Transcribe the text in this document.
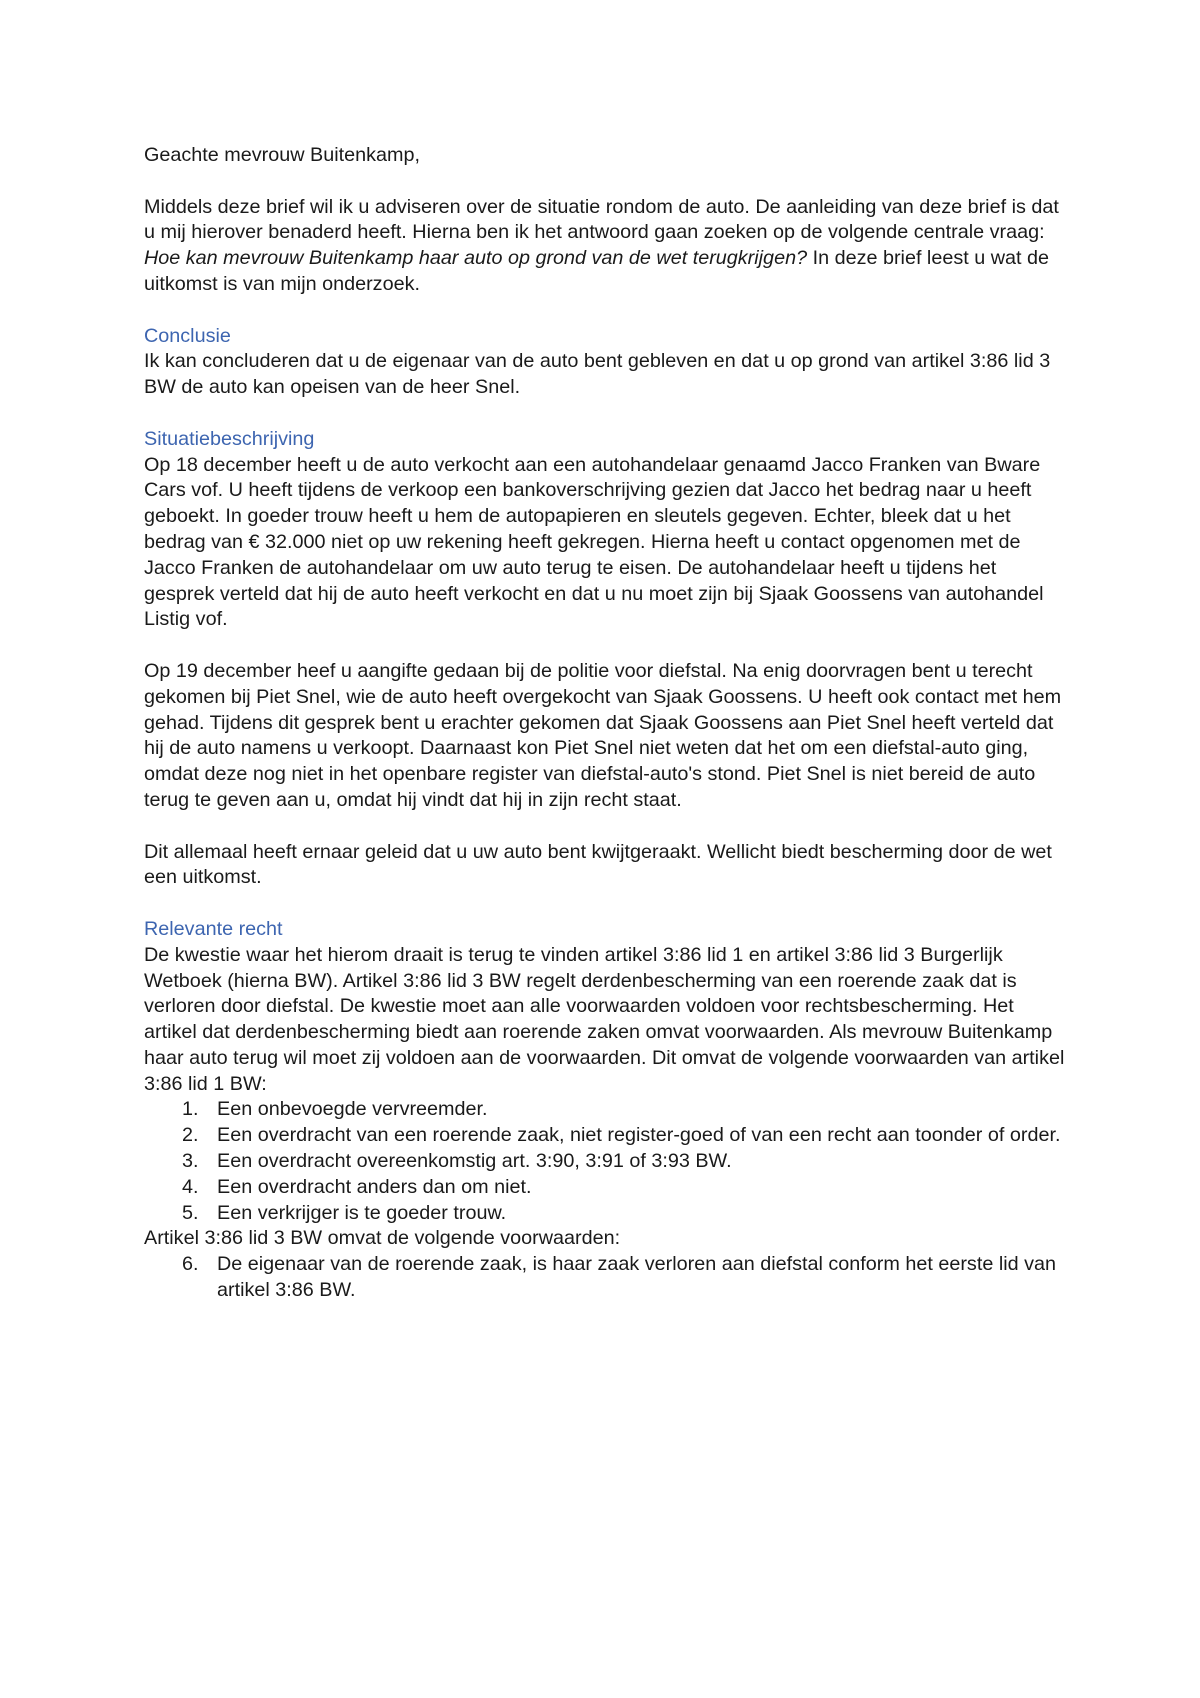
Geachte mevrouw Buitenkamp,

Middels deze brief wil ik u adviseren over de situatie rondom de auto. De aanleiding van deze brief is dat u mij hierover benaderd heeft. Hierna ben ik het antwoord gaan zoeken op de volgende centrale vraag: Hoe kan mevrouw Buitenkamp haar auto op grond van de wet terugkrijgen? In deze brief leest u wat de uitkomst is van mijn onderzoek.

Conclusie

Ik kan concluderen dat u de eigenaar van de auto bent gebleven en dat u op grond van artikel 3:86 lid 3 BW de auto kan opeisen van de heer Snel.

Situatiebeschrijving

Op 18 december heeft u de auto verkocht aan een autohandelaar genaamd Jacco Franken van Bware Cars vof. U heeft tijdens de verkoop een bankoverschrijving gezien dat Jacco het bedrag naar u heeft geboekt. In goeder trouw heeft u hem de autopapieren en sleutels gegeven. Echter, bleek dat u het bedrag van € 32.000 niet op uw rekening heeft gekregen. Hierna heeft u contact opgenomen met de Jacco Franken de autohandelaar om uw auto terug te eisen. De autohandelaar heeft u tijdens het gesprek verteld dat hij de auto heeft verkocht en dat u nu moet zijn bij Sjaak Goossens van autohandel Listig vof.

Op 19 december heef u aangifte gedaan bij de politie voor diefstal. Na enig doorvragen bent u terecht gekomen bij Piet Snel, wie de auto heeft overgekocht van Sjaak Goossens. U heeft ook contact met hem gehad. Tijdens dit gesprek bent u erachter gekomen dat Sjaak Goossens aan Piet Snel heeft verteld dat hij de auto namens u verkoopt. Daarnaast kon Piet Snel niet weten dat het om een diefstal-auto ging, omdat deze nog niet in het openbare register van diefstal-auto's stond. Piet Snel is niet bereid de auto terug te geven aan u, omdat hij vindt dat hij in zijn recht staat.

Dit allemaal heeft ernaar geleid dat u uw auto bent kwijtgeraakt. Wellicht biedt bescherming door de wet een uitkomst.

Relevante recht

De kwestie waar het hierom draait is terug te vinden artikel 3:86 lid 1 en artikel 3:86 lid 3 Burgerlijk Wetboek (hierna BW). Artikel 3:86 lid 3 BW regelt derdenbescherming van een roerende zaak dat is verloren door diefstal. De kwestie moet aan alle voorwaarden voldoen voor rechtsbescherming. Het artikel dat derdenbescherming biedt aan roerende zaken omvat voorwaarden. Als mevrouw Buitenkamp haar auto terug wil moet zij voldoen aan de voorwaarden. Dit omvat de volgende voorwaarden van artikel 3:86 lid 1 BW:

1. Een onbevoegde vervreemder.
2. Een overdracht van een roerende zaak, niet register-goed of van een recht aan toonder of order.
3. Een overdracht overeenkomstig art. 3:90, 3:91 of 3:93 BW.
4. Een overdracht anders dan om niet.
5. Een verkrijger is te goeder trouw.

Artikel 3:86 lid 3 BW omvat de volgende voorwaarden:

6. De eigenaar van de roerende zaak, is haar zaak verloren aan diefstal conform het eerste lid van artikel 3:86 BW.
